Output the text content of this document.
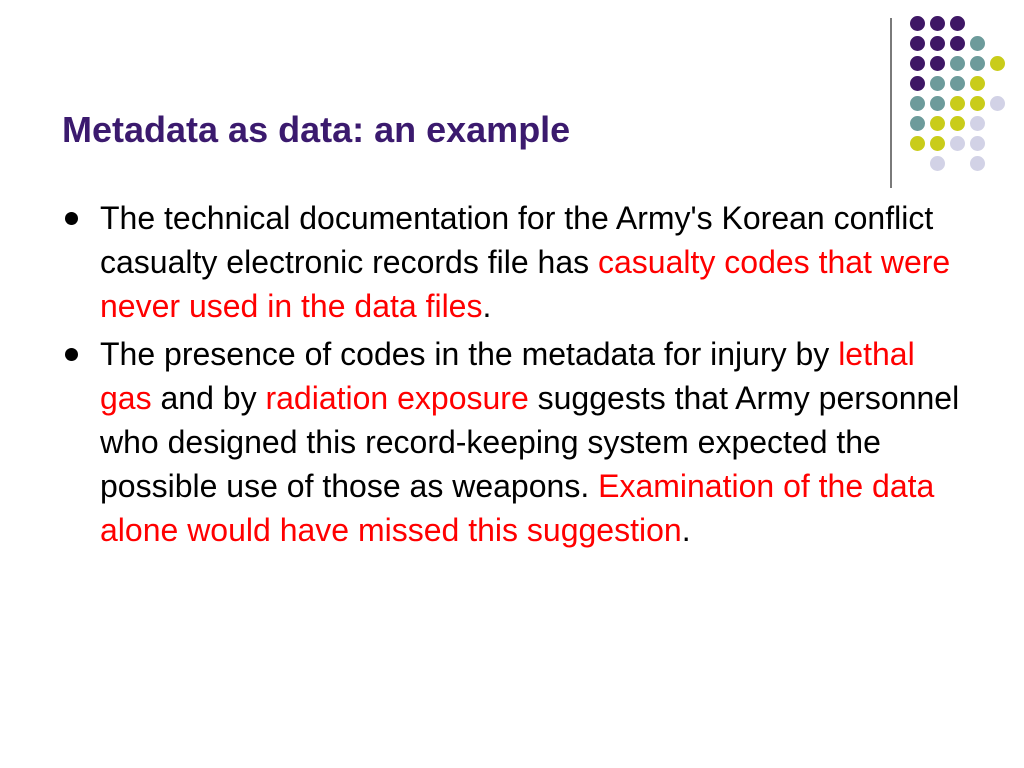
Metadata as data: an example
The technical documentation for the Army's Korean conflict casualty electronic records file has casualty codes that were never used in the data files.
The presence of codes in the metadata for injury by lethal gas and by radiation exposure suggests that Army personnel who designed this record-keeping system expected the possible use of those as weapons. Examination of the data alone would have missed this suggestion.
